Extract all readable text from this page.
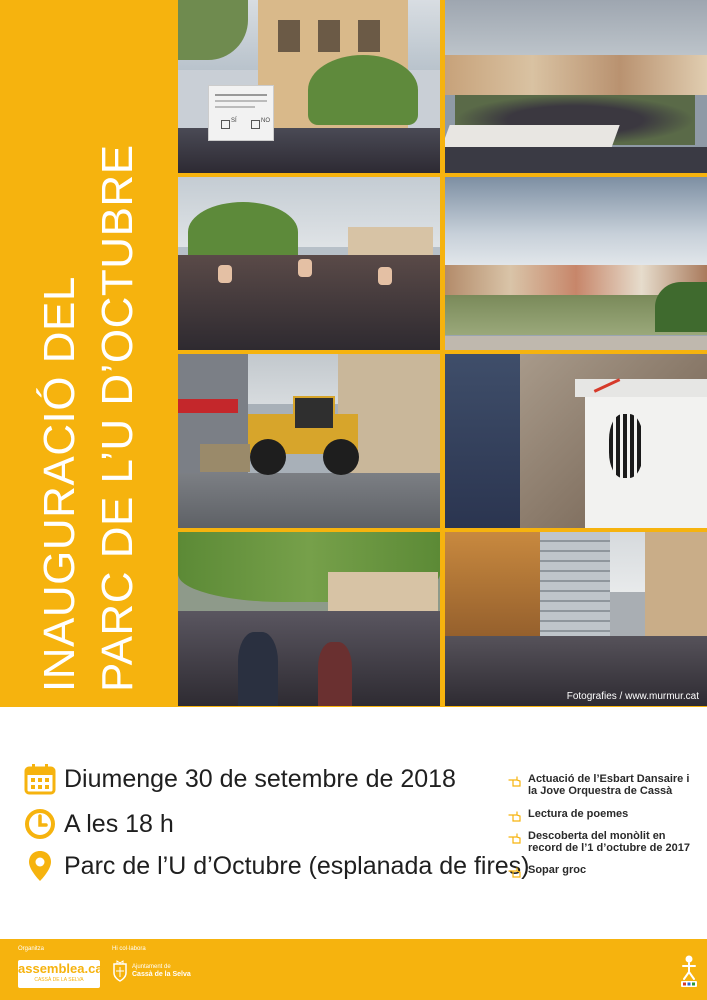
INAUGURACIÓ DEL PARC DE L’U D’OCTUBRE
SÍ	NO
Fotografies / www.murmur.cat
Diumenge 30 de setembre de 2018
A les 18 h
Parc de l’U d’Octubre (esplanada de fires)
Actuació de l’Esbart Dansaire i la Jove Orquestra de Cassà
Lectura de poemes
Descoberta del monòlit en record de l’1 d’octubre de 2017
Sopar groc
Organitza	Hi col·labora
assemblea.cat
CASSÀ DE LA SELVA
Ajuntament de
Cassà de la Selva
